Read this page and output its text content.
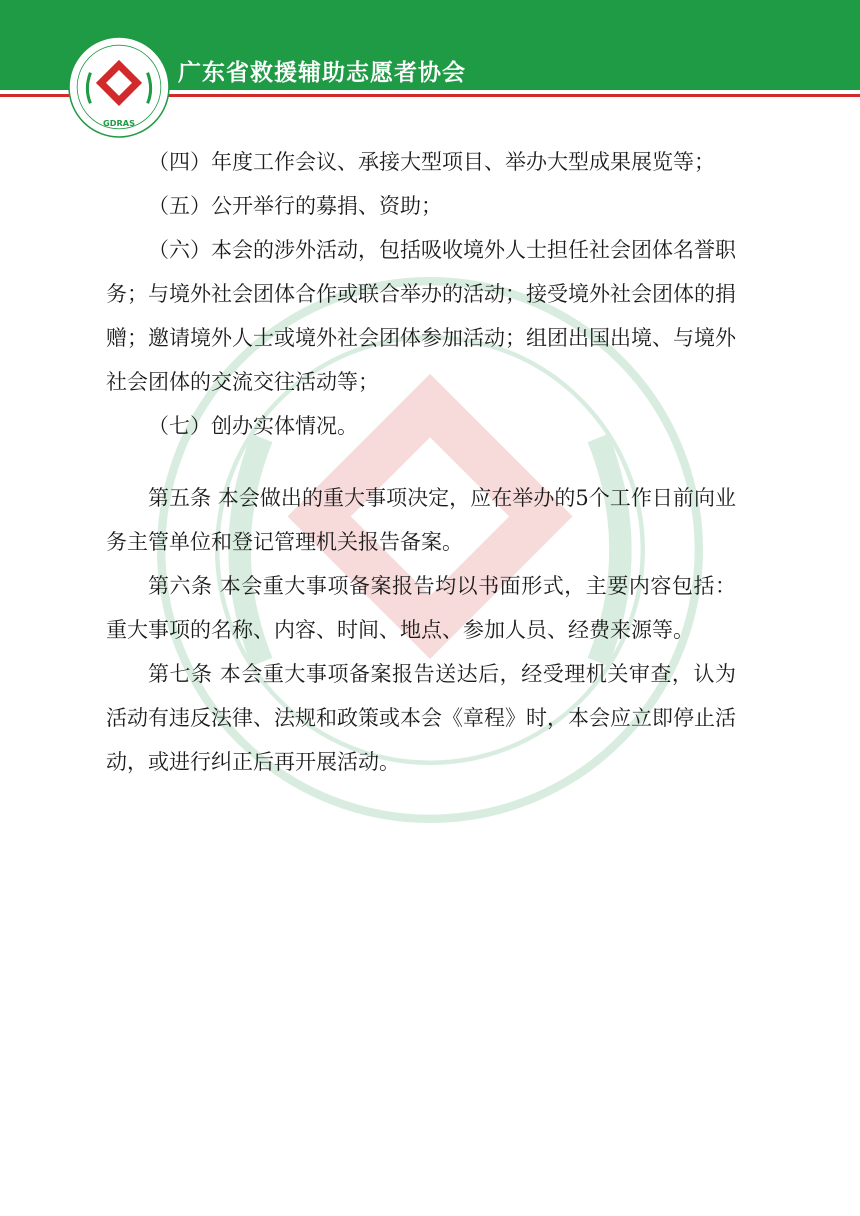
广东省救援辅助志愿者协会
GDRAS

（四）年度工作会议、承接大型项目、举办大型成果展览等；

（五）公开举行的募捐、资助；

（六）本会的涉外活动，包括吸收境外人士担任社会团体名誉职务；与境外社会团体合作或联合举办的活动；接受境外社会团体的捐赠；邀请境外人士或境外社会团体参加活动；组团出国出境、与境外社会团体的交流交往活动等；

（七）创办实体情况。

第五条 本会做出的重大事项决定，应在举办的5个工作日前向业务主管单位和登记管理机关报告备案。

第六条 本会重大事项备案报告均以书面形式，主要内容包括：重大事项的名称、内容、时间、地点、参加人员、经费来源等。

第七条 本会重大事项备案报告送达后，经受理机关审查，认为活动有违反法律、法规和政策或本会《章程》时，本会应立即停止活动，或进行纠正后再开展活动。
